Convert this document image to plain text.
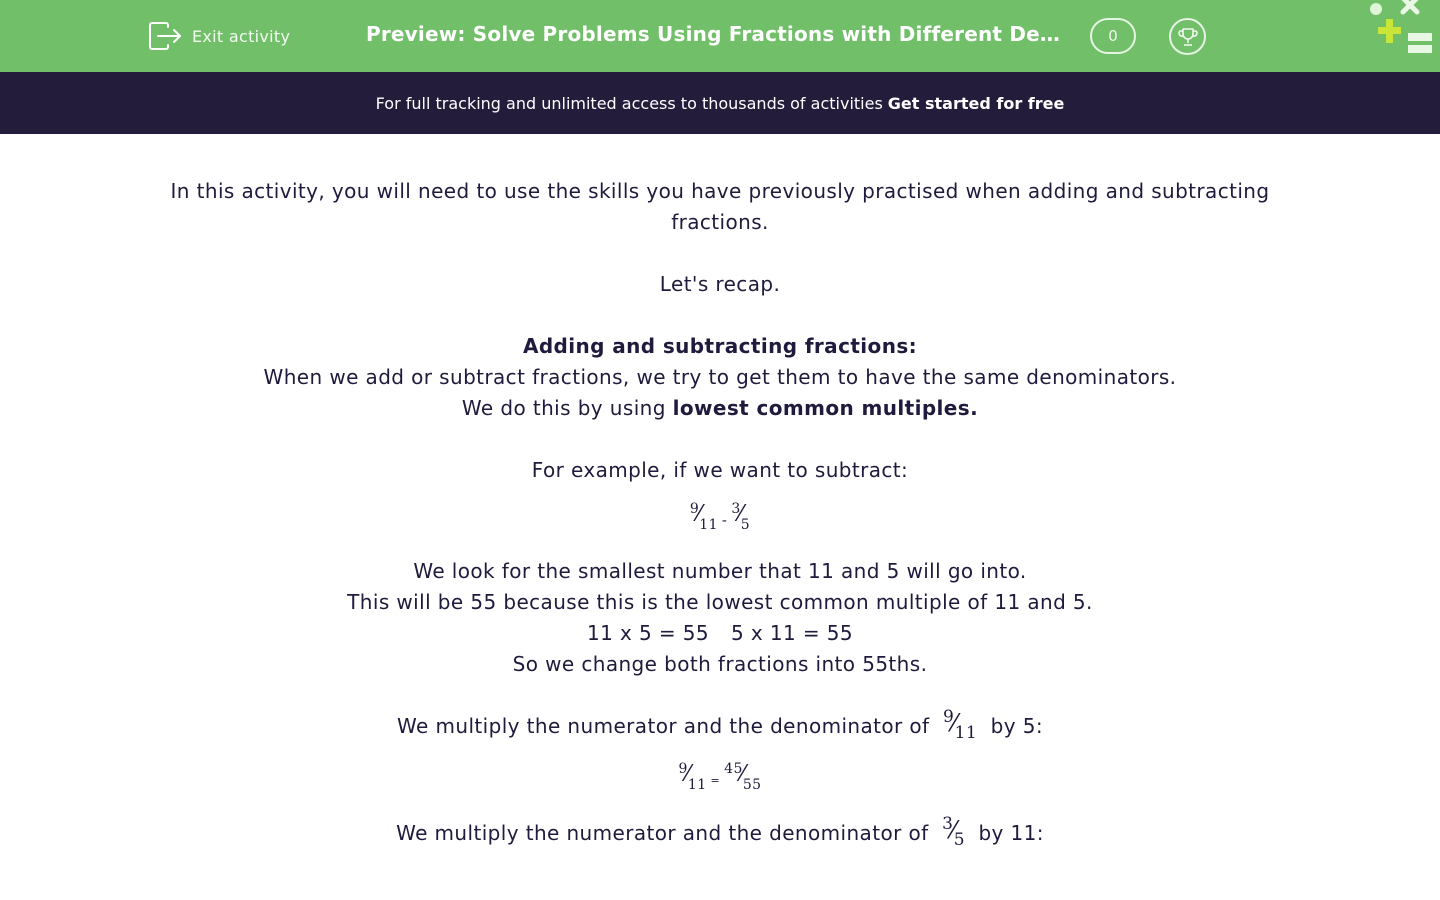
Exit activity	Preview: Solve Problems Using Fractions with Different De…	0
For full tracking and unlimited access to thousands of activities Get started for free

In this activity, you will need to use the skills you have previously practised when adding and subtracting fractions.

Let's recap.

Adding and subtracting fractions:

When we add or subtract fractions, we try to get them to have the same denominators.

We do this by using lowest common multiples.

For example, if we want to subtract:

9
⁄
11 -
3
⁄
5

We look for the smallest number that 11 and 5 will go into.

This will be 55 because this is the lowest common multiple of 11 and 5.

11 x 5 = 55 5 x 11 = 55

So we change both fractions into 55ths.

We multiply the numerator and the denominator of 9
⁄
11 by 5:

9
⁄
11 =
45
⁄
55

We multiply the numerator and the denominator of 3
⁄
5 by 11:
